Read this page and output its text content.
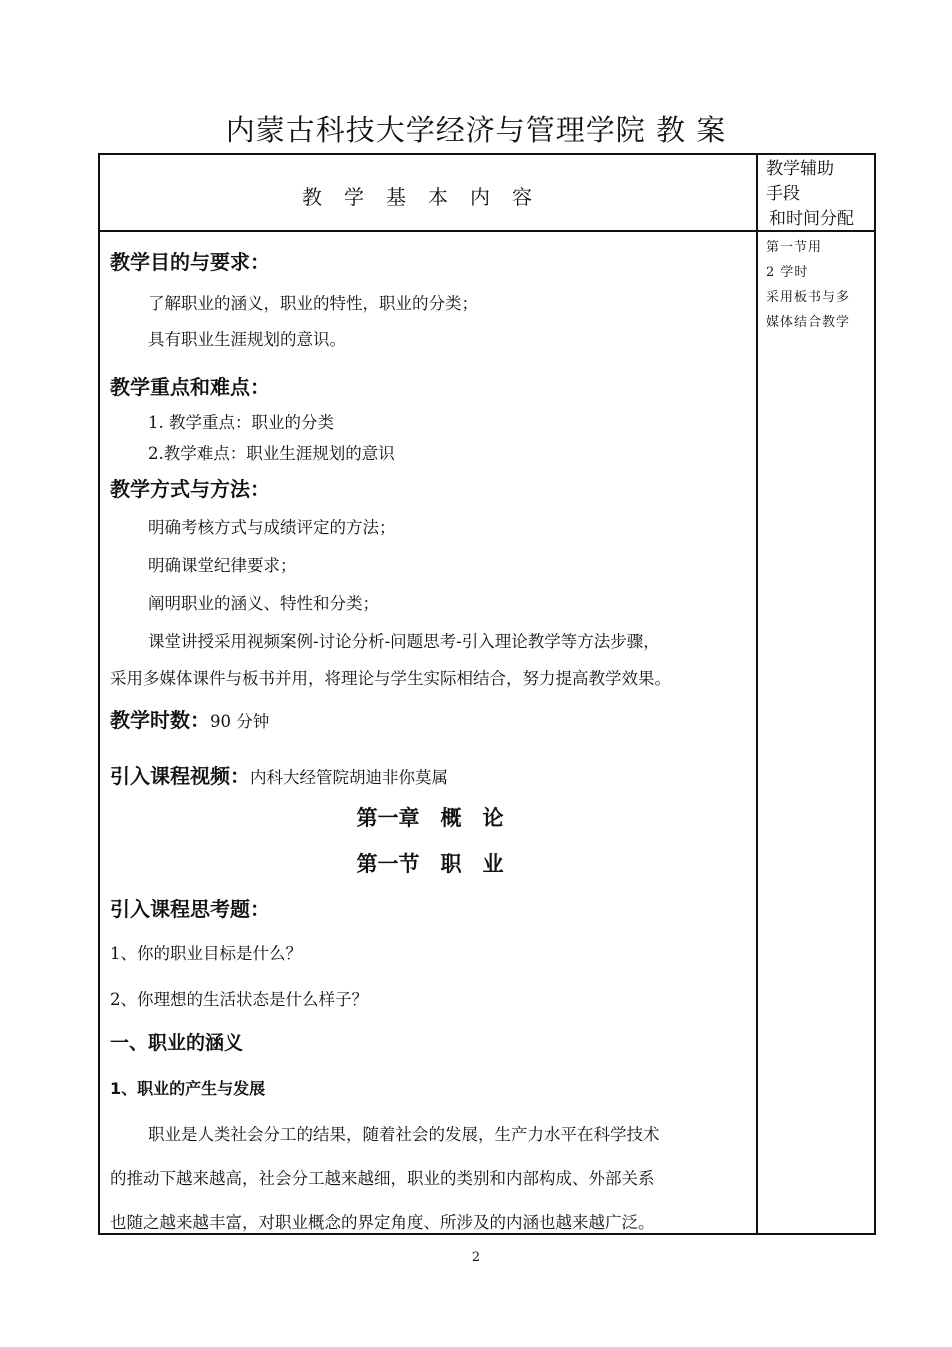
内蒙古科技大学经济与管理学院 教 案
教学基本内容
教学辅助
手段
和时间分配
第一节用
2 学时
采用板书与多
媒体结合教学
教学目的与要求：
了解职业的涵义，职业的特性，职业的分类；
具有职业生涯规划的意识。
教学重点和难点：
1. 教学重点：职业的分类
2.教学难点：职业生涯规划的意识
教学方式与方法：
明确考核方式与成绩评定的方法；
明确课堂纪律要求；
阐明职业的涵义、特性和分类；
课堂讲授采用视频案例-讨论分析-问题思考-引入理论教学等方法步骤，
采用多媒体课件与板书并用，将理论与学生实际相结合，努力提高教学效果。
教学时数：90 分钟
引入课程视频：内科大经管院胡迪非你莫属
第一章　概　论
第一节　职　业
引入课程思考题：
1、你的职业目标是什么？
2、你理想的生活状态是什么样子？
一、职业的涵义
1、职业的产生与发展
职业是人类社会分工的结果，随着社会的发展，生产力水平在科学技术
的推动下越来越高，社会分工越来越细，职业的类别和内部构成、外部关系
也随之越来越丰富，对职业概念的界定角度、所涉及的内涵也越来越广泛。
2
